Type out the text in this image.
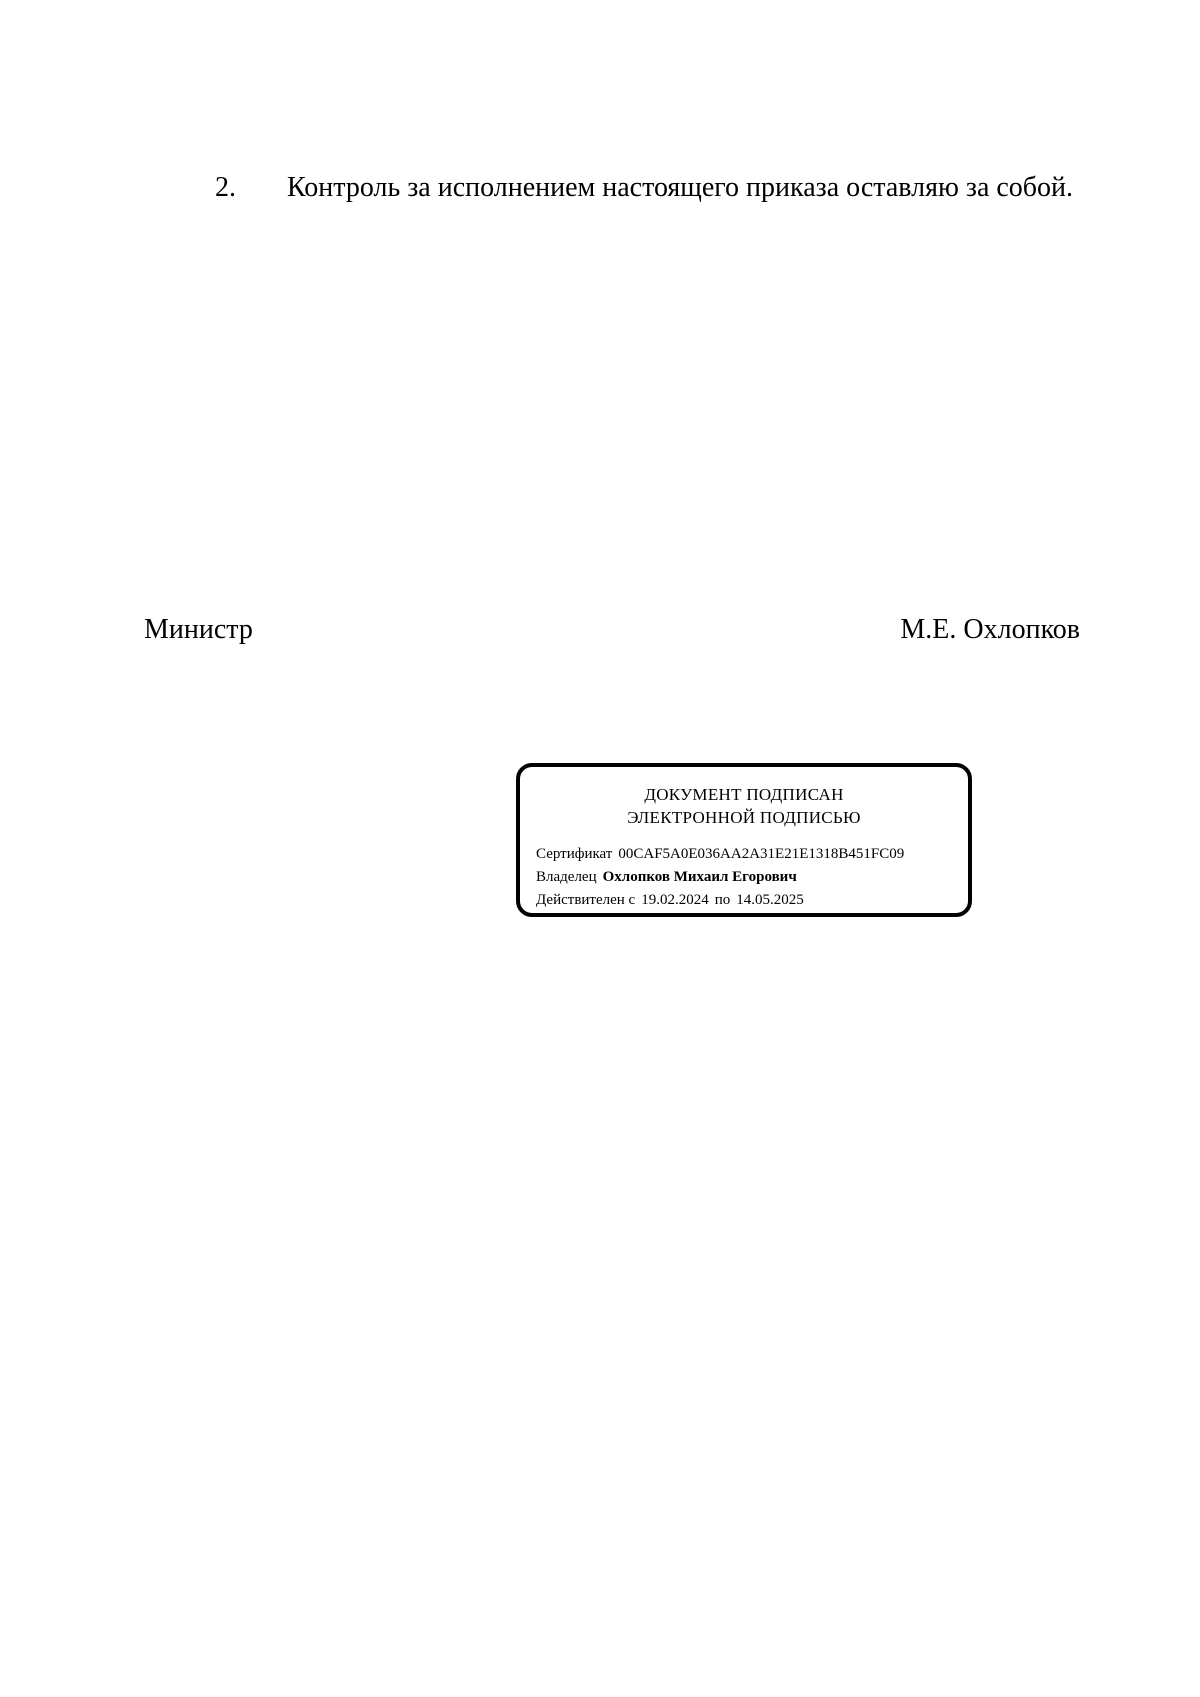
2. Контроль за исполнением настоящего приказа оставляю за собой.
Министр	М.Е. Охлопков
ДОКУМЕНТ ПОДПИСАН
ЭЛЕКТРОННОЙ ПОДПИСЬЮ
Сертификат 00CAF5A0E036AA2A31E21E1318B451FC09
Владелец Охлопков Михаил Егорович
Действителен с 19.02.2024 по 14.05.2025
